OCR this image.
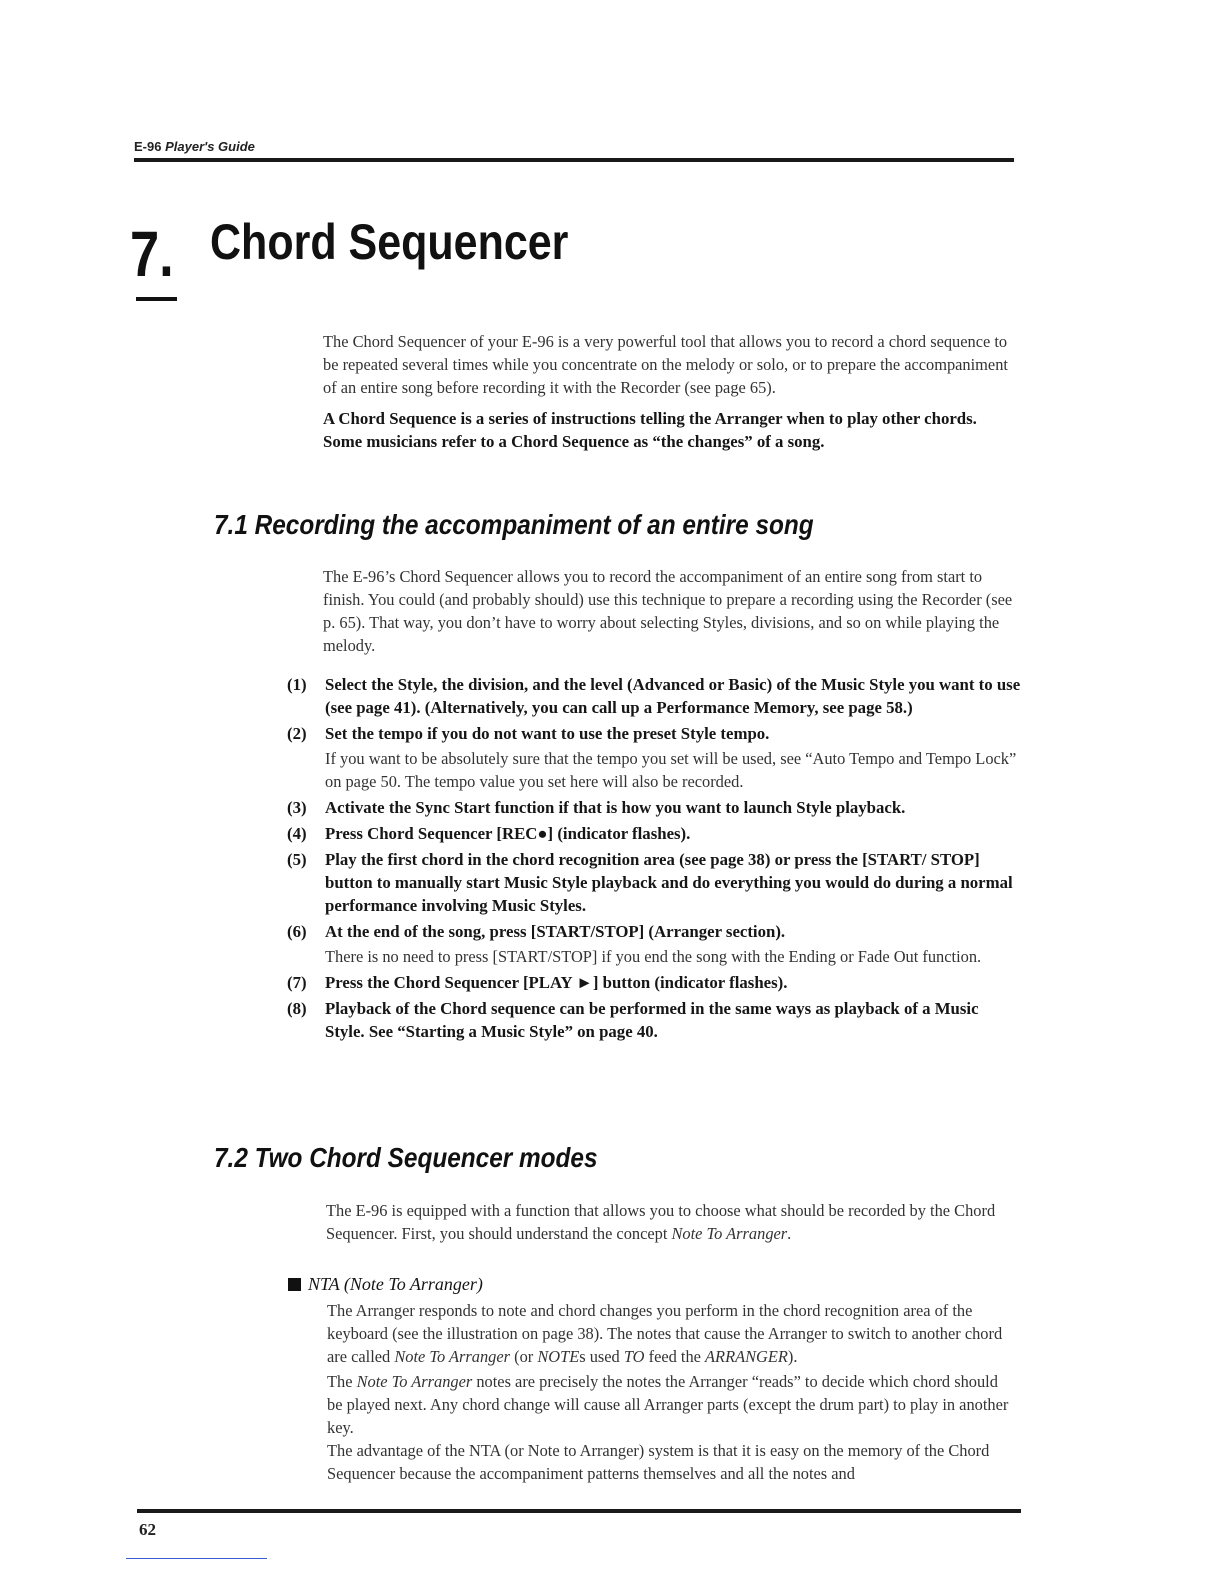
E-96 Player's Guide
7. Chord Sequencer

The Chord Sequencer of your E-96 is a very powerful tool that allows you to record a chord sequence to be repeated several times while you concentrate on the melody or solo, or to prepare the accompaniment of an entire song before recording it with the Recorder (see page 65).

A Chord Sequence is a series of instructions telling the Arranger when to play other chords. Some musicians refer to a Chord Sequence as “the changes” of a song.

7.1 Recording the accompaniment of an entire song

The E-96’s Chord Sequencer allows you to record the accompaniment of an entire song from start to finish. You could (and probably should) use this technique to prepare a recording using the Recorder (see p. 65). That way, you don’t have to worry about selecting Styles, divisions, and so on while playing the melody.

(1) Select the Style, the division, and the level (Advanced or Basic) of the Music Style you want to use (see page 41). (Alternatively, you can call up a Performance Memory, see page 58.)
(2) Set the tempo if you do not want to use the preset Style tempo.
If you want to be absolutely sure that the tempo you set will be used, see “Auto Tempo and Tempo Lock” on page 50. The tempo value you set here will also be recorded.
(3) Activate the Sync Start function if that is how you want to launch Style playback.
(4) Press Chord Sequencer [REC●] (indicator flashes).
(5) Play the first chord in the chord recognition area (see page 38) or press the [START/ STOP] button to manually start Music Style playback and do everything you would do during a normal performance involving Music Styles.
(6) At the end of the song, press [START/STOP] (Arranger section).
There is no need to press [START/STOP] if you end the song with the Ending or Fade Out function.
(7) Press the Chord Sequencer [PLAY ►] button (indicator flashes).
(8) Playback of the Chord sequence can be performed in the same ways as playback of a Music Style. See “Starting a Music Style” on page 40.
7.2 Two Chord Sequencer modes

The E-96 is equipped with a function that allows you to choose what should be recorded by the Chord Sequencer. First, you should understand the concept Note To Arranger.

NTA (Note To Arranger)

The Arranger responds to note and chord changes you perform in the chord recognition area of the keyboard (see the illustration on page 38). The notes that cause the Arranger to switch to another chord are called Note To Arranger (or NOTEs used TO feed the ARRANGER).

The Note To Arranger notes are precisely the notes the Arranger “reads” to decide which chord should be played next. Any chord change will cause all Arranger parts (except the drum part) to play in another key.

The advantage of the NTA (or Note to Arranger) system is that it is easy on the memory of the Chord Sequencer because the accompaniment patterns themselves and all the notes and

62
